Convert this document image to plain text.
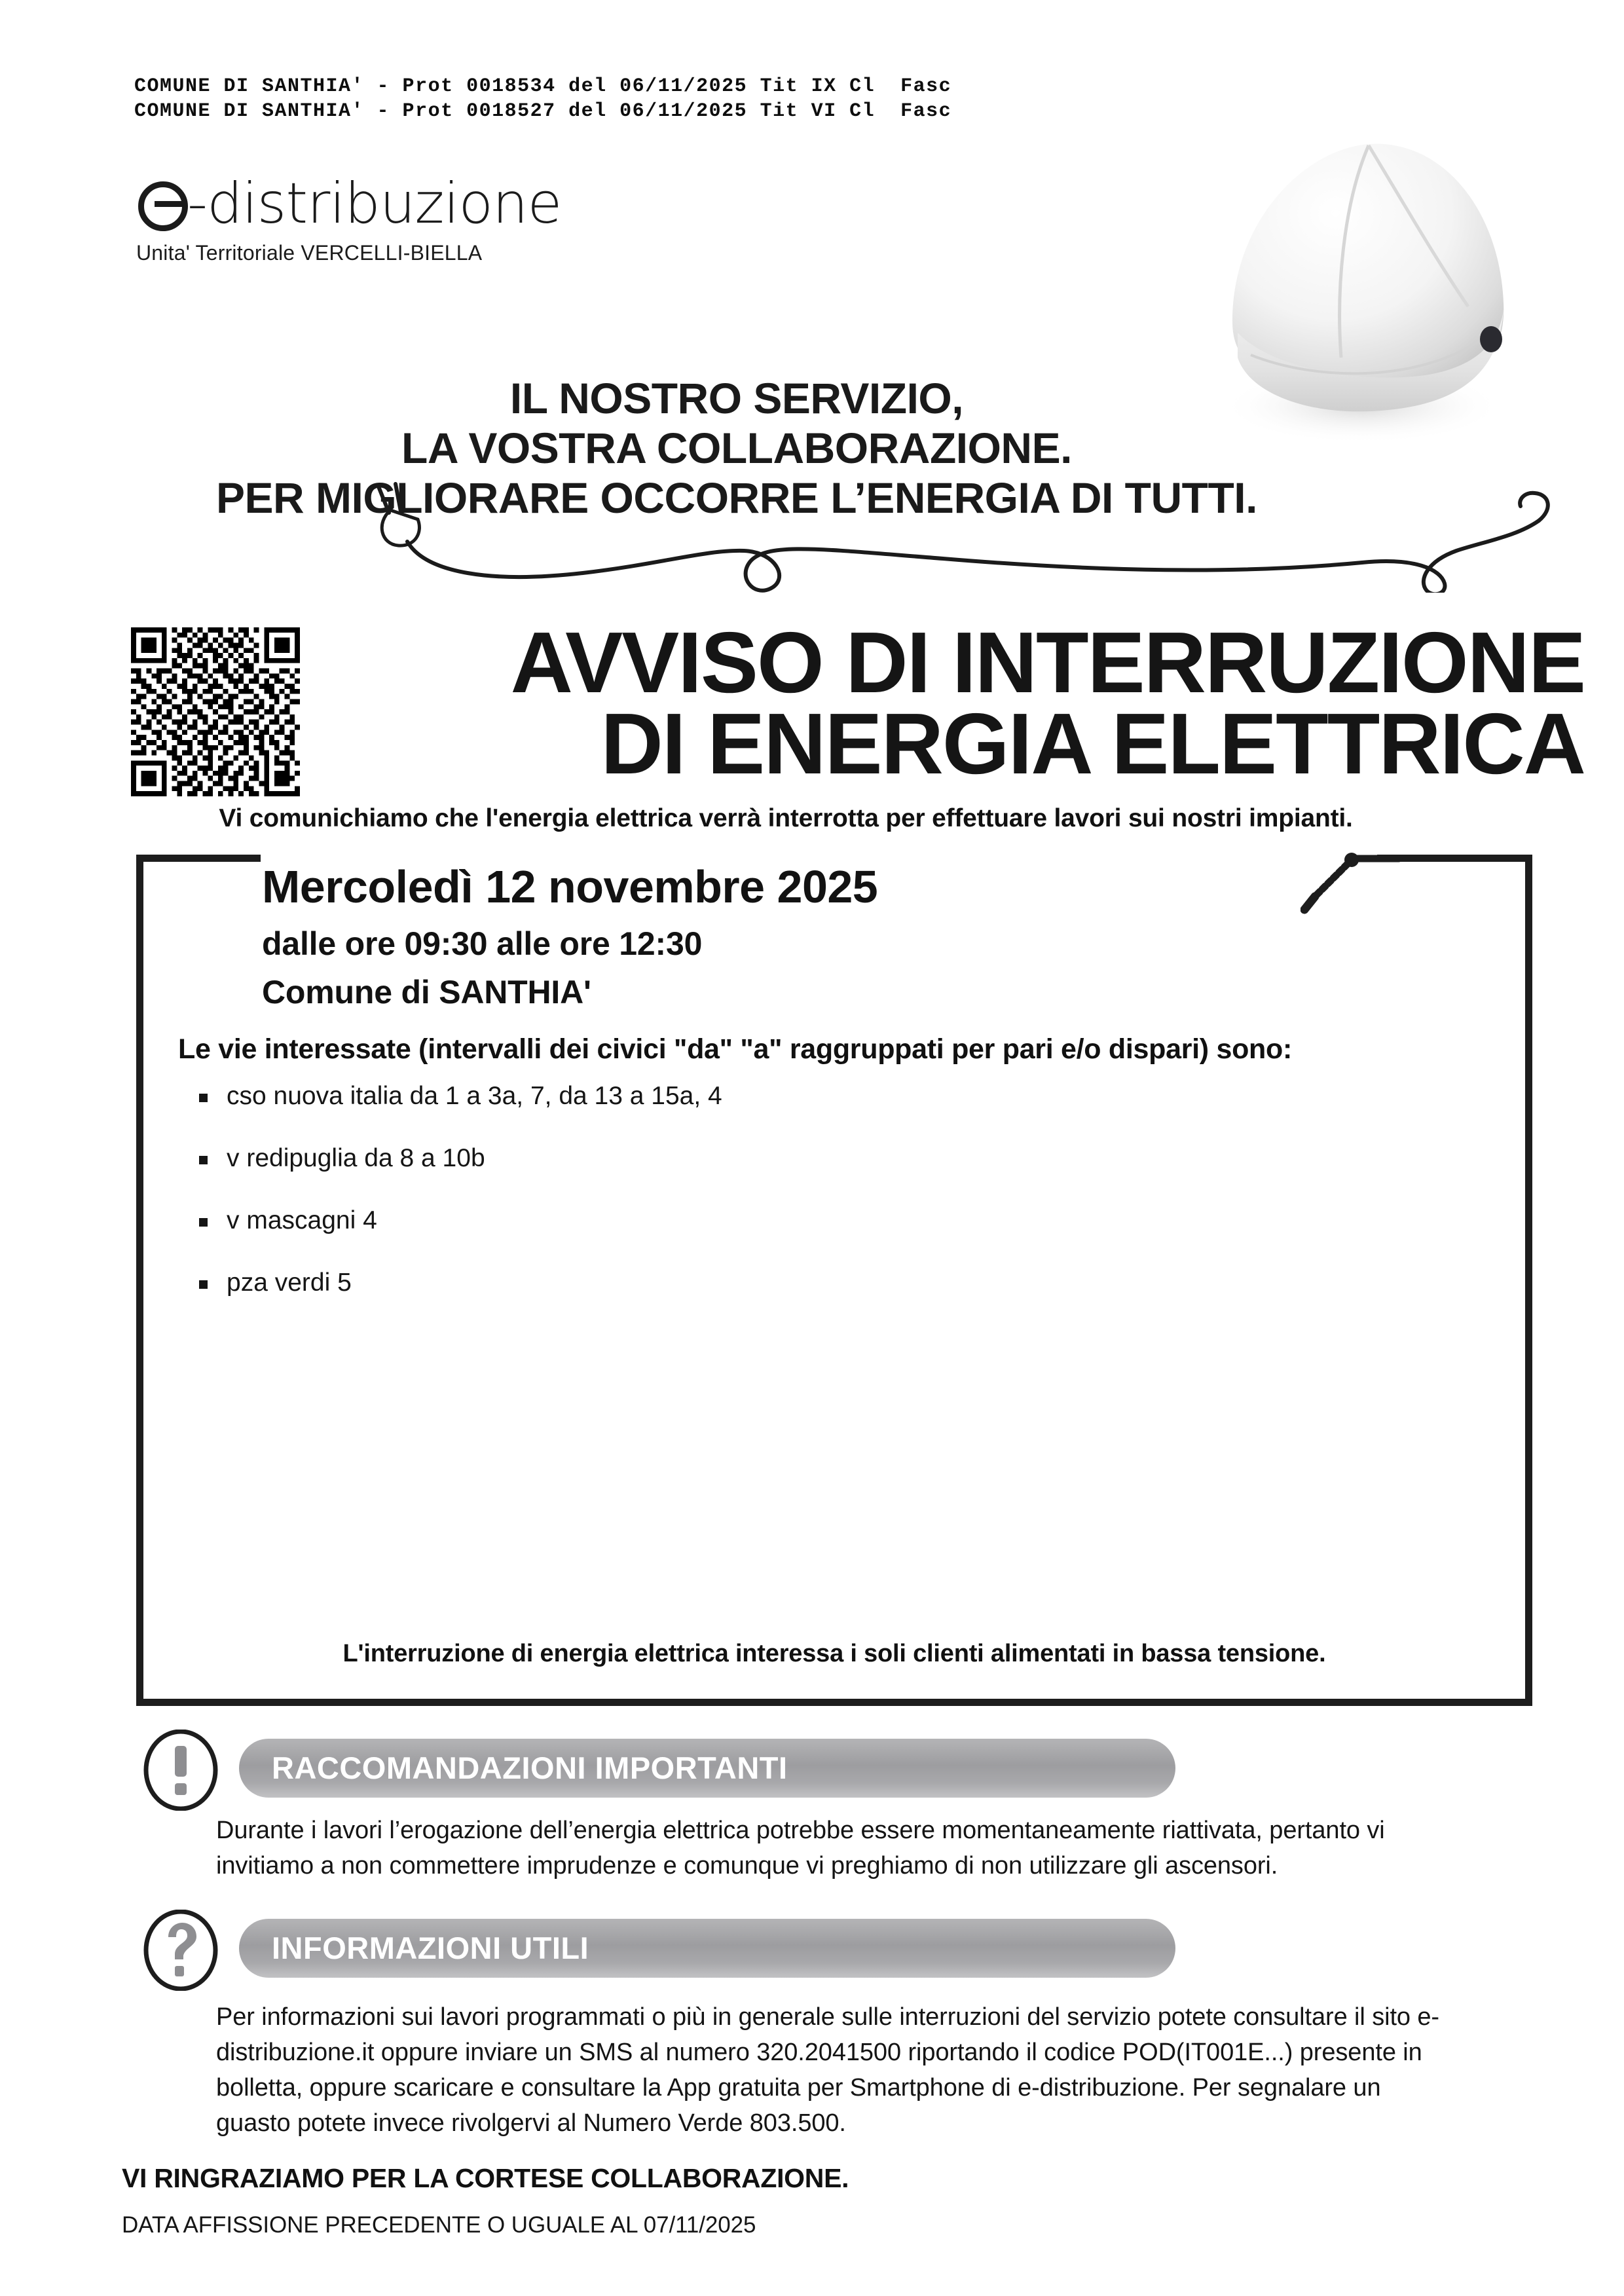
COMUNE DI SANTHIA' - Prot 0018534 del 06/11/2025 Tit IX Cl  Fasc
COMUNE DI SANTHIA' - Prot 0018527 del 06/11/2025 Tit VI Cl  Fasc
-distribuzione
Unita' Territoriale VERCELLI-BIELLA
IL NOSTRO SERVIZIO,
LA VOSTRA COLLABORAZIONE.
PER MIGLIORARE OCCORRE L’ENERGIA DI TUTTI.
AVVISO DI INTERRUZIONE
DI ENERGIA ELETTRICA
Vi comunichiamo che l'energia elettrica verrà interrotta per effettuare lavori sui nostri impianti.
Mercoledì 12 novembre 2025
dalle ore 09:30 alle ore 12:30
Comune di SANTHIA'
Le vie interessate (intervalli dei civici "da" "a" raggruppati per pari e/o dispari) sono:
cso nuova italia da 1 a 3a, 7, da 13 a 15a, 4
v redipuglia da 8 a 10b
v mascagni 4
pza verdi 5
L'interruzione di energia elettrica interessa i soli clienti alimentati in bassa tensione.
RACCOMANDAZIONI IMPORTANTI
Durante i lavori l’erogazione dell’energia elettrica potrebbe essere momentaneamente riattivata, pertanto vi invitiamo a non commettere imprudenze e comunque vi preghiamo di non utilizzare gli ascensori.
INFORMAZIONI UTILI
Per informazioni sui lavori programmati o più in generale sulle interruzioni del servizio potete consultare il sito e-distribuzione.it oppure inviare un SMS al numero 320.2041500 riportando il codice POD(IT001E...) presente in bolletta, oppure scaricare e consultare la App gratuita per Smartphone di e-distribuzione. Per segnalare un guasto potete invece rivolgervi al Numero Verde 803.500.
VI RINGRAZIAMO PER LA CORTESE COLLABORAZIONE.
DATA AFFISSIONE PRECEDENTE O UGUALE AL 07/11/2025
